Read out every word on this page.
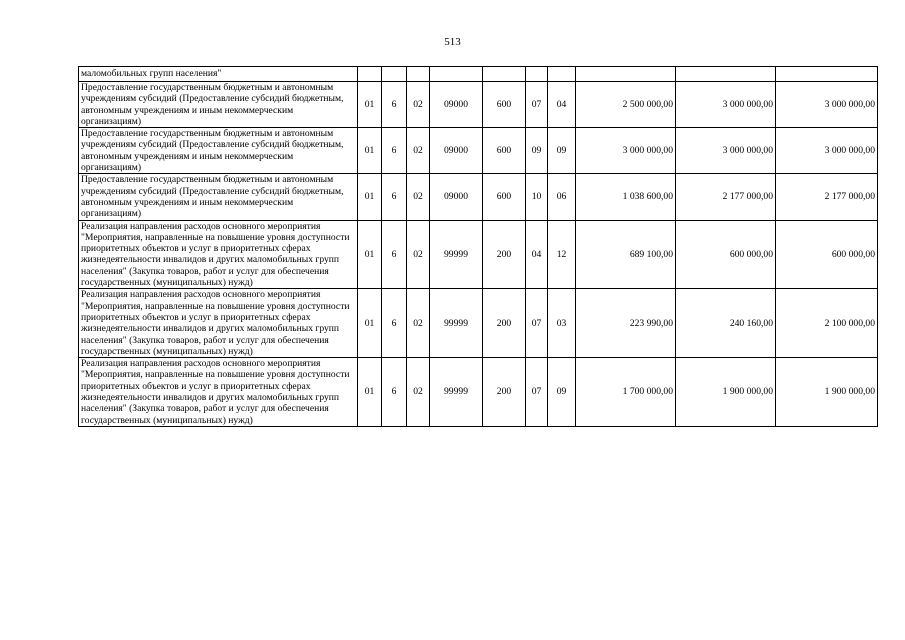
513
маломобильных групп населения"										
Предоставление государственным бюджетным и автономным учреждениям субсидий (Предоставление субсидий бюджетным, автономным учреждениям и иным некоммерческим организациям)	01	6	02	09000	600	07	04	2 500 000,00	3 000 000,00	3 000 000,00
Предоставление государственным бюджетным и автономным учреждениям субсидий (Предоставление субсидий бюджетным, автономным учреждениям и иным некоммерческим организациям)	01	6	02	09000	600	09	09	3 000 000,00	3 000 000,00	3 000 000,00
Предоставление государственным бюджетным и автономным учреждениям субсидий (Предоставление субсидий бюджетным, автономным учреждениям и иным некоммерческим организациям)	01	6	02	09000	600	10	06	1 038 600,00	2 177 000,00	2 177 000,00
Реализация направления расходов основного мероприятия "Мероприятия, направленные на повышение уровня доступности приоритетных объектов и услуг в приоритетных сферах жизнедеятельности инвалидов и других маломобильных групп населения" (Закупка товаров, работ и услуг для обеспечения государственных (муниципальных) нужд)	01	6	02	99999	200	04	12	689 100,00	600 000,00	600 000,00
Реализация направления расходов основного мероприятия "Мероприятия, направленные на повышение уровня доступности приоритетных объектов и услуг в приоритетных сферах жизнедеятельности инвалидов и других маломобильных групп населения" (Закупка товаров, работ и услуг для обеспечения государственных (муниципальных) нужд)	01	6	02	99999	200	07	03	223 990,00	240 160,00	2 100 000,00
Реализация направления расходов основного мероприятия "Мероприятия, направленные на повышение уровня доступности приоритетных объектов и услуг в приоритетных сферах жизнедеятельности инвалидов и других маломобильных групп населения" (Закупка товаров, работ и услуг для обеспечения государственных (муниципальных) нужд)	01	6	02	99999	200	07	09	1 700 000,00	1 900 000,00	1 900 000,00
